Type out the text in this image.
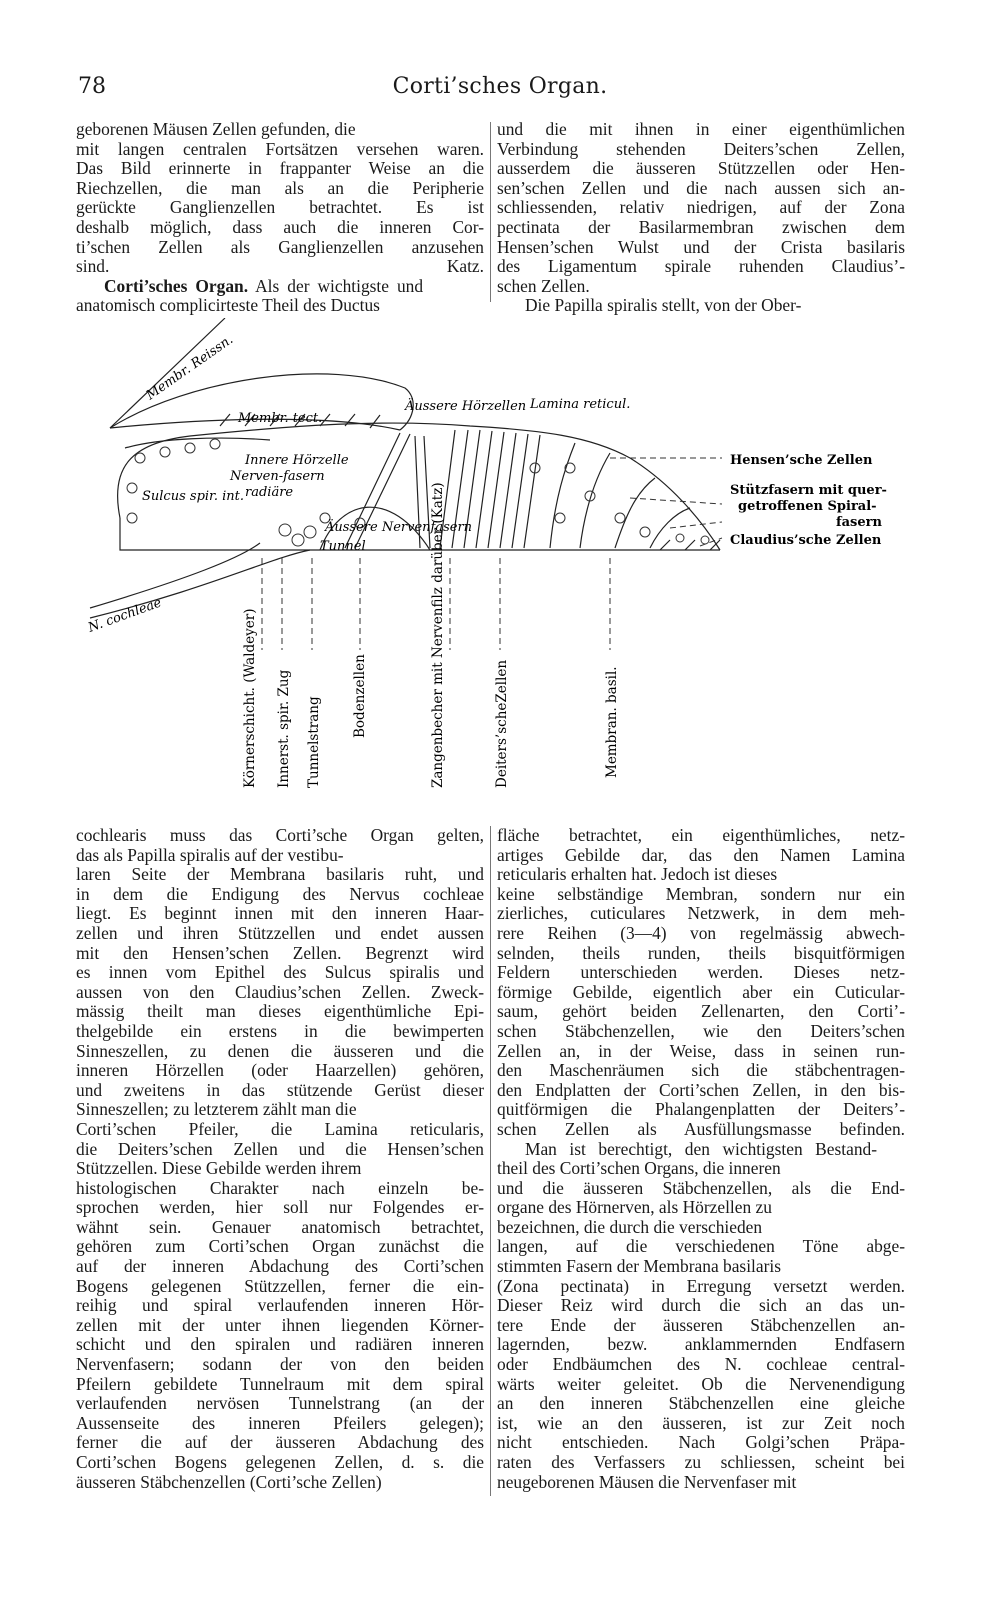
78	Corti’sches Organ.
geborenen Mäusen Zellen gefunden, die
mit langen centralen Fortsätzen versehen waren.
Das Bild erinnerte in frappanter Weise an die
Riechzellen, die man als an die Peripherie
gerückte Ganglienzellen betrachtet. Es ist
deshalb möglich, dass auch die inneren Cor-
ti’schen Zellen als Ganglienzellen anzusehen
sind.	Katz.
Corti’sches Organ. Als der wichtigste und
anatomisch complicirteste Theil des Ductus
und die mit ihnen in einer eigenthümlichen
Verbindung stehenden Deiters’schen Zellen,
ausserdem die äusseren Stützzellen oder Hen-
sen’schen Zellen und die nach aussen sich an-
schliessenden, relativ niedrigen, auf der Zona
pectinata der Basilarmembran zwischen dem
Hensen’schen Wulst und der Crista basilaris
des Ligamentum spirale ruhenden Claudius’-
schen Zellen.
Die Papilla spiralis stellt, von der Ober-
Membr. Reissn.
Membr. tect.
Äussere Hörzellen Lamina reticul.
Innere Hörzelle
Nerven-fasern
Sulcus spir. int. radiäre
Äussere Nervenfasern
Tunnel
N. cochleae
Hensen’sche Zellen
Stützfasern mit quer-
getroffenen Spiral-
fasern
Claudius’sche Zellen
Körnerschicht. (Waldeyer) Innerst. spir. Zug Tunnelstrang
Bodenzellen	Zangenbecher mit Nervenfilz darüber (Katz)	Deiters’scheZellen	Membran. basil.
cochlearis muss das Corti’sche Organ gelten,
das als Papilla spiralis auf der vestibu-
laren Seite der Membrana basilaris ruht, und
in dem die Endigung des Nervus cochleae
liegt. Es beginnt innen mit den inneren Haar-
zellen und ihren Stützzellen und endet aussen
mit den Hensen’schen Zellen. Begrenzt wird
es innen vom Epithel des Sulcus spiralis und
aussen von den Claudius’schen Zellen. Zweck-
mässig theilt man dieses eigenthümliche Epi-
thelgebilde ein erstens in die bewimperten
Sinneszellen, zu denen die äusseren und die
inneren Hörzellen (oder Haarzellen) gehören,
und zweitens in das stützende Gerüst dieser
Sinneszellen; zu letzterem zählt man die
Corti’schen Pfeiler, die Lamina reticularis,
die Deiters’schen Zellen und die Hensen’schen
Stützzellen. Diese Gebilde werden ihrem
histologischen Charakter nach einzeln be-
sprochen werden, hier soll nur Folgendes er-
wähnt sein. Genauer anatomisch betrachtet,
gehören zum Corti’schen Organ zunächst die
auf der inneren Abdachung des Corti’schen
Bogens gelegenen Stützzellen, ferner die ein-
reihig und spiral verlaufenden inneren Hör-
zellen mit der unter ihnen liegenden Körner-
schicht und den spiralen und radiären inneren
Nervenfasern; sodann der von den beiden
Pfeilern gebildete Tunnelraum mit dem spiral
verlaufenden nervösen Tunnelstrang (an der
Aussenseite des inneren Pfeilers gelegen);
ferner die auf der äusseren Abdachung des
Corti’schen Bogens gelegenen Zellen, d. s. die
äusseren Stäbchenzellen (Corti’sche Zellen)
fläche betrachtet, ein eigenthümliches, netz-
artiges Gebilde dar, das den Namen Lamina
reticularis erhalten hat. Jedoch ist dieses
keine selbständige Membran, sondern nur ein
zierliches, cuticulares Netzwerk, in dem meh-
rere Reihen (3—4) von regelmässig abwech-
selnden, theils runden, theils bisquitförmigen
Feldern unterschieden werden. Dieses netz-
förmige Gebilde, eigentlich aber ein Cuticular-
saum, gehört beiden Zellenarten, den Corti’-
schen Stäbchenzellen, wie den Deiters’schen
Zellen an, in der Weise, dass in seinen run-
den Maschenräumen sich die stäbchentragen-
den Endplatten der Corti’schen Zellen, in den bis-
quitförmigen die Phalangenplatten der Deiters’-
schen Zellen als Ausfüllungsmasse befinden.
Man ist berechtigt, den wichtigsten Bestand-
theil des Corti’schen Organs, die inneren
und die äusseren Stäbchenzellen, als die End-
organe des Hörnerven, als Hörzellen zu
bezeichnen, die durch die verschieden
langen, auf die verschiedenen Töne abge-
stimmten Fasern der Membrana basilaris
(Zona pectinata) in Erregung versetzt werden.
Dieser Reiz wird durch die sich an das un-
tere Ende der äusseren Stäbchenzellen an-
lagernden, bezw. anklammernden Endfasern
oder Endbäumchen des N. cochleae central-
wärts weiter geleitet. Ob die Nervenendigung
an den inneren Stäbchenzellen eine gleiche
ist, wie an den äusseren, ist zur Zeit noch
nicht entschieden. Nach Golgi’schen Präpa-
raten des Verfassers zu schliessen, scheint bei
neugeborenen Mäusen die Nervenfaser mit
